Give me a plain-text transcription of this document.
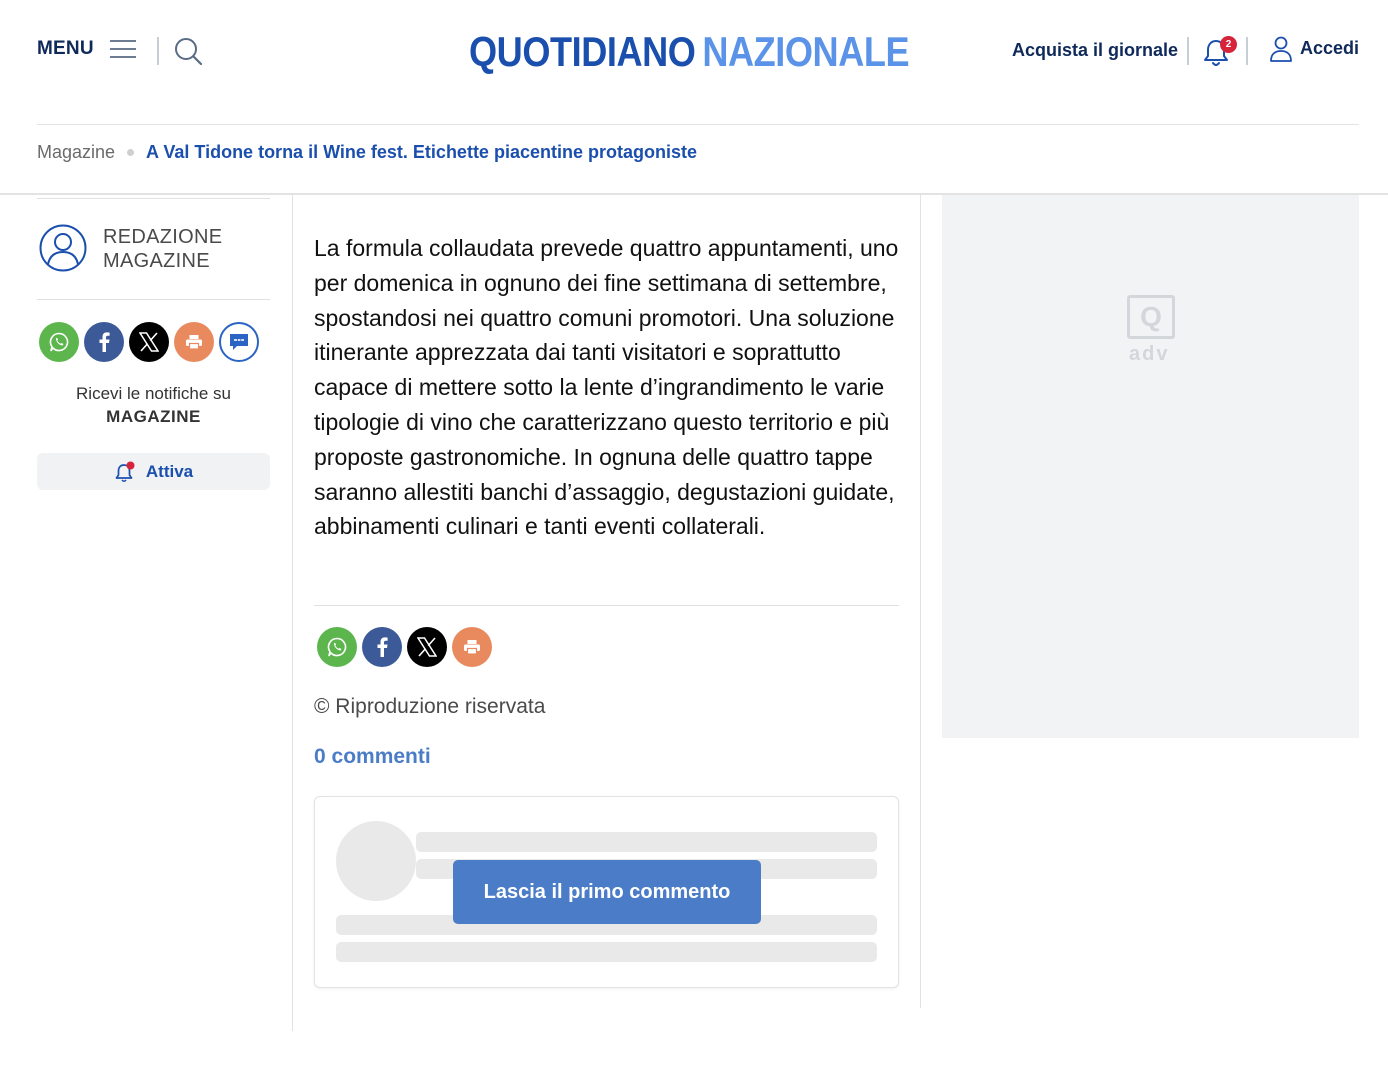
MENU	QUOTIDIANO NAZIONALE	Acquista il giornale	2	Accedi
Magazine A Val Tidone torna il Wine fest. Etichette piacentine protagoniste
REDAZIONE
MAGAZINE
Ricevi le notifiche su
MAGAZINE
Attiva

La formula collaudata prevede quattro appuntamenti, uno per domenica in ognuno dei fine settimana di settembre, spostandosi nei quattro comuni promotori. Una soluzione itinerante apprezzata dai tanti visitatori e soprattutto capace di mettere sotto la lente d’ingrandimento le varie tipologie di vino che caratterizzano questo territorio e più proposte gastronomiche. In ognuna delle quattro tappe saranno allestiti banchi d’assaggio, degustazioni guidate, abbinamenti culinari e tanti eventi collaterali.

© Riproduzione riservata
0 commenti
Lascia il primo commento
Q
adv
